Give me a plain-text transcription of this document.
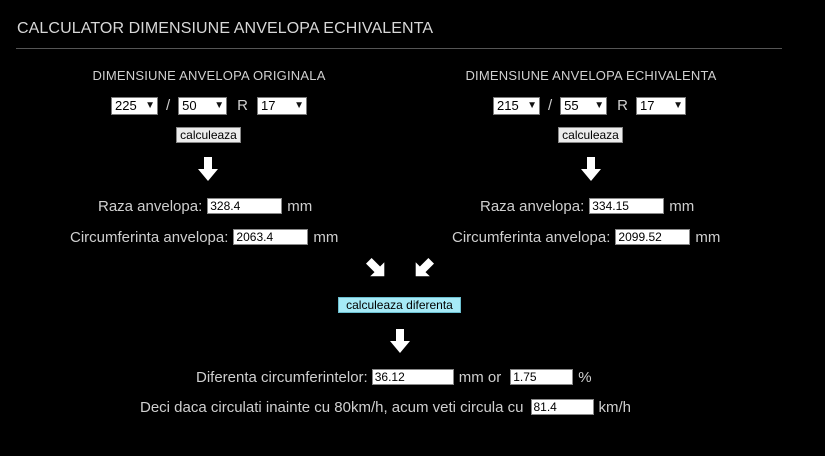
CALCULATOR DIMENSIUNE ANVELOPA ECHIVALENTA
DIMENSIUNE ANVELOPA ORIGINALA
225 ▼ / 50 ▼ R 17 ▼
calculeaza
Raza anvelopa: 328.4	mm
Circumferinta anvelopa: 2063.4	mm
DIMENSIUNE ANVELOPA ECHIVALENTA
215 ▼ / 55 ▼ R 17 ▼
calculeaza
Raza anvelopa: 334.15	mm
Circumferinta anvelopa: 2099.52	mm
calculeaza diferenta
Diferenta circumferintelor: 36.12	mm or 1.75	%
Deci daca circulati inainte cu 80km/h, acum veti circula cu 81.4	km/h
